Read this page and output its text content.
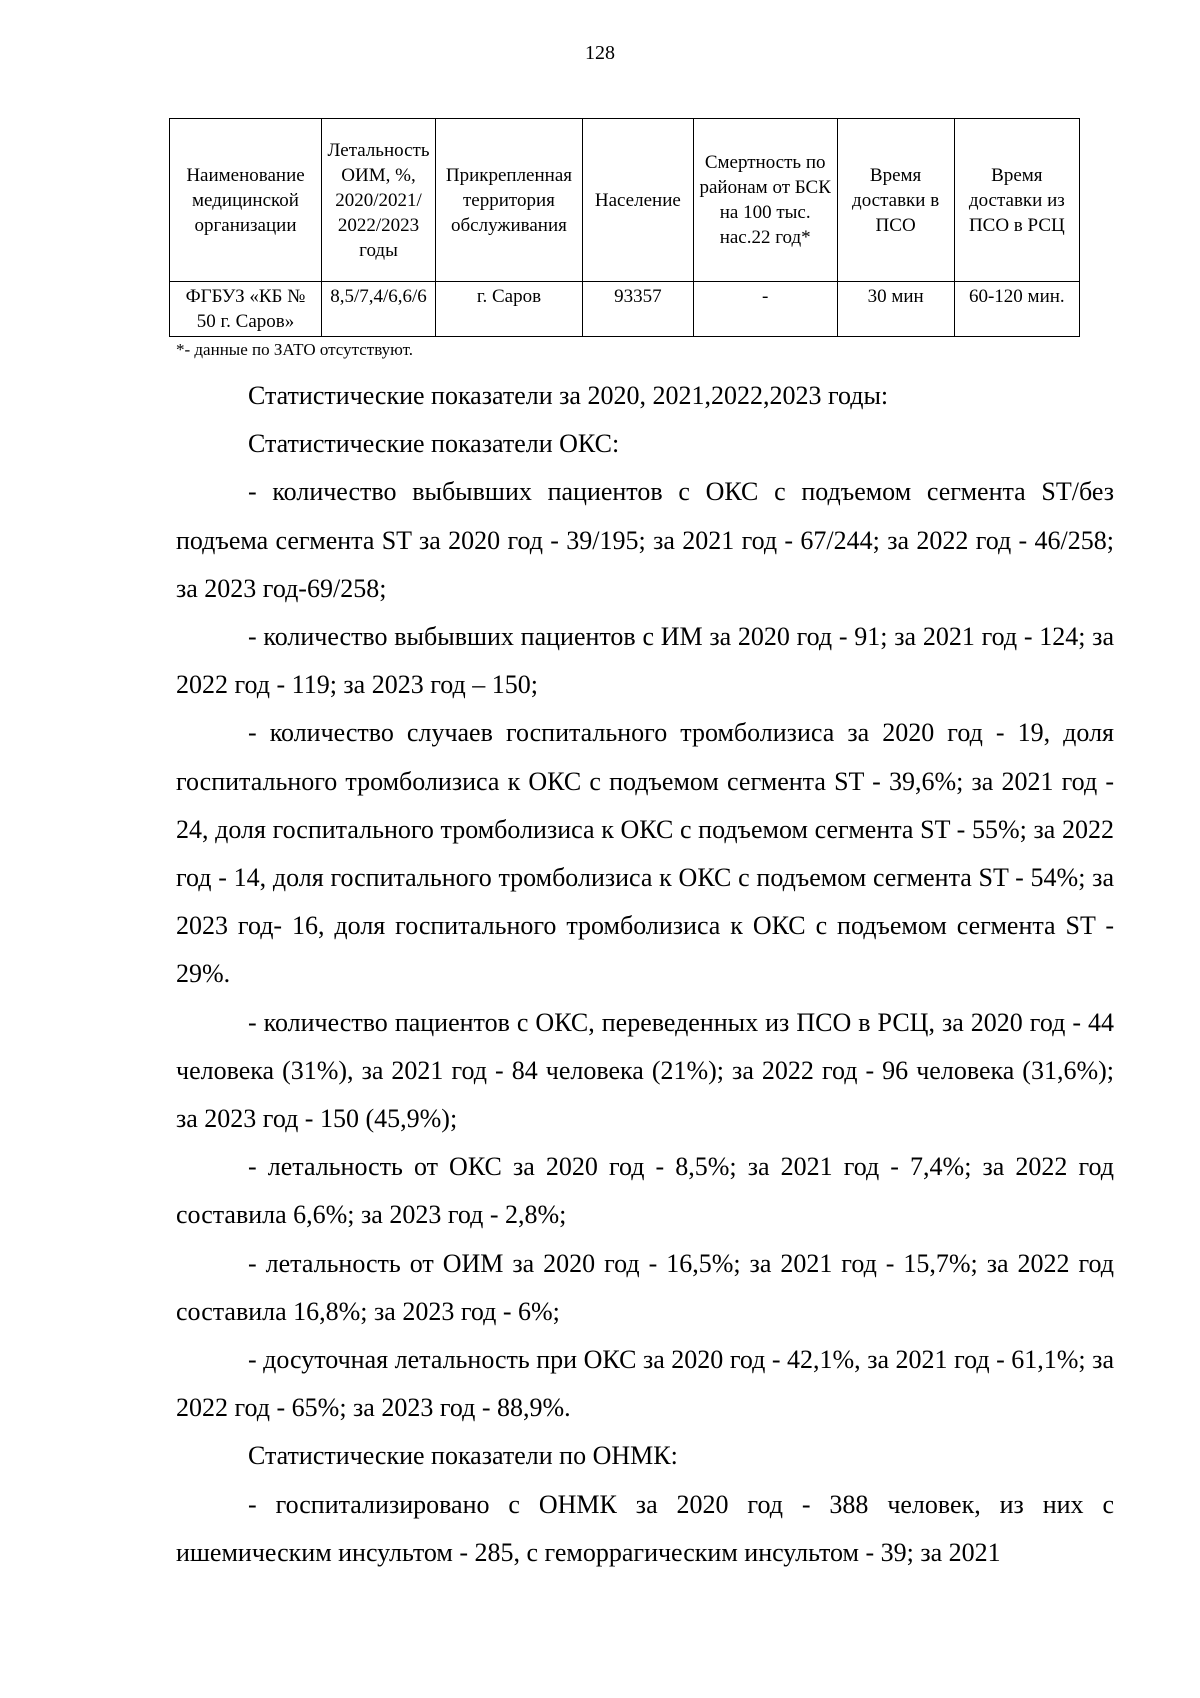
128
Наименование медицинской организации	Летальность ОИМ, %, 2020/2021/ 2022/2023 годы	Прикрепленная территория обслуживания	Население	Смертность по районам от БСК на 100 тыс. нас.22 год*	Время доставки в ПСО	Время доставки из ПСО в РСЦ
ФГБУЗ «КБ № 50 г. Саров»	8,5/7,4/6,6/6	г. Саров	93357	-	30 мин	60-120 мин.
*- данные по ЗАТО отсутствуют.

Статистические показатели за 2020, 2021,2022,2023 годы:

Статистические показатели ОКС:

- количество выбывших пациентов с ОКС с подъемом сегмента ST/без подъема сегмента ST за 2020 год - 39/195; за 2021 год - 67/244; за 2022 год - 46/258; за 2023 год-69/258;

- количество выбывших пациентов с ИМ за 2020 год - 91; за 2021 год - 124; за 2022 год - 119; за 2023 год – 150;

- количество случаев госпитального тромболизиса за 2020 год - 19, доля госпитального тромболизиса к ОКС с подъемом сегмента ST - 39,6%; за 2021 год - 24, доля госпитального тромболизиса к ОКС с подъемом сегмента ST - 55%; за 2022 год - 14, доля госпитального тромболизиса к ОКС с подъемом сегмента ST - 54%; за 2023 год- 16, доля госпитального тромболизиса к ОКС с подъемом сегмента ST - 29%.

- количество пациентов с ОКС, переведенных из ПСО в РСЦ, за 2020 год - 44 человека (31%), за 2021 год - 84 человека (21%); за 2022 год - 96 человека (31,6%); за 2023 год - 150 (45,9%);

- летальность от ОКС за 2020 год - 8,5%; за 2021 год - 7,4%; за 2022 год составила 6,6%; за 2023 год - 2,8%;

- летальность от ОИМ за 2020 год - 16,5%; за 2021 год - 15,7%; за 2022 год составила 16,8%; за 2023 год - 6%;

- досуточная летальность при ОКС за 2020 год - 42,1%, за 2021 год - 61,1%; за 2022 год - 65%; за 2023 год - 88,9%.

Статистические показатели по ОНМК:

- госпитализировано с ОНМК за 2020 год - 388 человек, из них с ишемическим инсультом - 285, с геморрагическим инсультом - 39; за 2021
